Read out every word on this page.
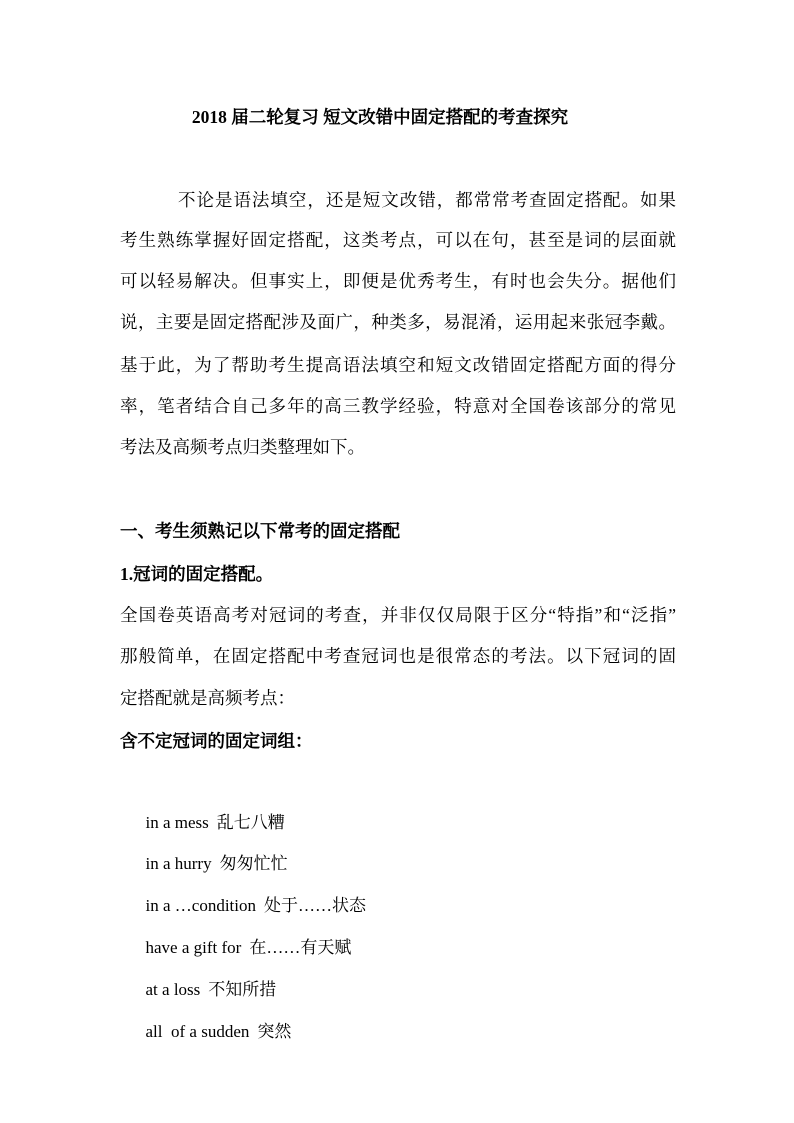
2018 届二轮复习 短文改错中固定搭配的考查探究
不论是语法填空，还是短文改错，都常常考查固定搭配。如果
考生熟练掌握好固定搭配，这类考点，可以在句，甚至是词的层面就
可以轻易解决。但事实上，即便是优秀考生，有时也会失分。据他们
说，主要是固定搭配涉及面广，种类多，易混淆，运用起来张冠李戴。
基于此，为了帮助考生提高语法填空和短文改错固定搭配方面的得分
率，笔者结合自己多年的高三教学经验，特意对全国卷该部分的常见
考法及高频考点归类整理如下。
一、考生须熟记以下常考的固定搭配
1.冠词的固定搭配。
全国卷英语高考对冠词的考查，并非仅仅局限于区分“特指”和“泛指”
那般简单，在固定搭配中考查冠词也是很常态的考法。以下冠词的固
定搭配就是高频考点：
含不定冠词的固定词组：

in a mess 乱七八糟

in a hurry 匆匆忙忙

in a …condition 处于……状态

have a gift for 在……有天赋

at a loss 不知所措

all  of a sudden 突然
